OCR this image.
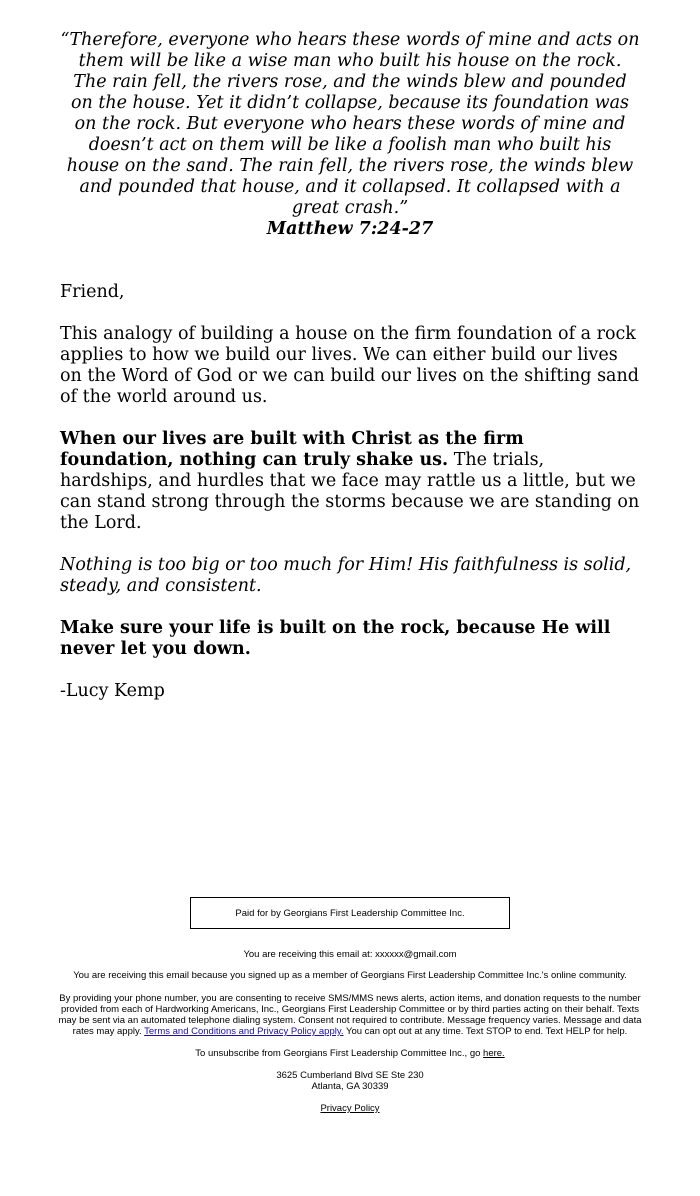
“Therefore, everyone who hears these words of mine and acts on them will be like a wise man who built his house on the rock. The rain fell, the rivers rose, and the winds blew and pounded on the house. Yet it didn’t collapse, because its foundation was on the rock. But everyone who hears these words of mine and doesn’t act on them will be like a foolish man who built his house on the sand. The rain fell, the rivers rose, the winds blew and pounded that house, and it collapsed. It collapsed with a great crash.”

Matthew 7:24-27

Friend,

This analogy of building a house on the firm foundation of a rock applies to how we build our lives. We can either build our lives on the Word of God or we can build our lives on the shifting sand of the world around us.

When our lives are built with Christ as the firm foundation, nothing can truly shake us. The trials, hardships, and hurdles that we face may rattle us a little, but we can stand strong through the storms because we are standing on the Lord.

Nothing is too big or too much for Him! His faithfulness is solid, steady, and consistent.

Make sure your life is built on the rock, because He will never let you down.

-Lucy Kemp

Paid for by Georgians First Leadership Committee Inc.

You are receiving this email at: xxxxxx@gmail.com

You are receiving this email because you signed up as a member of Georgians First Leadership Committee Inc.'s online community.

By providing your phone number, you are consenting to receive SMS/MMS news alerts, action items, and donation requests to the number provided from each of Hardworking Americans, Inc., Georgians First Leadership Committee or by third parties acting on their behalf. Texts may be sent via an automated telephone dialing system. Consent not required to contribute. Message frequency varies. Message and data rates may apply. Terms and Conditions and Privacy Policy apply. You can opt out at any time. Text STOP to end. Text HELP for help.

To unsubscribe from Georgians First Leadership Committee Inc., go here.

3625 Cumberland Blvd SE Ste 230

Atlanta, GA 30339

Privacy Policy
